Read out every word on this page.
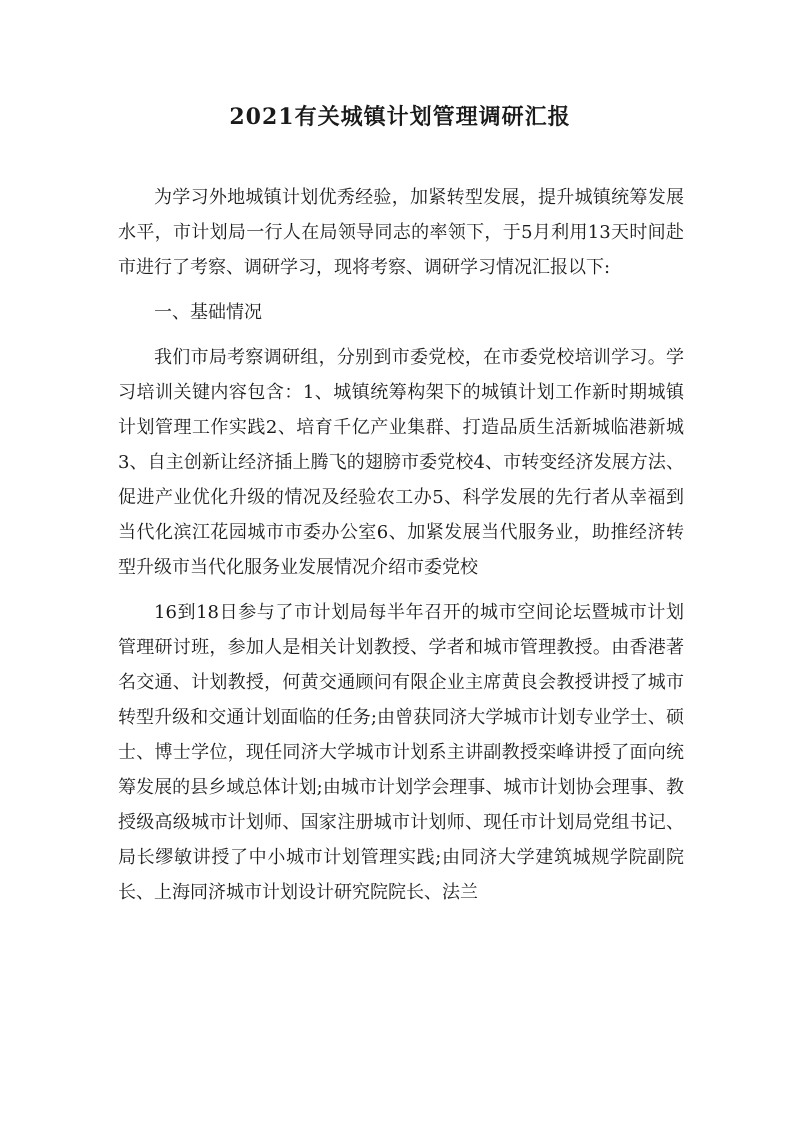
2021有关城镇计划管理调研汇报

为学习外地城镇计划优秀经验，加紧转型发展，提升城镇统筹发展水平，市计划局一行人在局领导同志的率领下，于5月利用13天时间赴市进行了考察、调研学习，现将考察、调研学习情况汇报以下:

一、基础情况

我们市局考察调研组，分别到市委党校，在市委党校培训学习。学习培训关键内容包含：1、城镇统筹构架下的城镇计划工作新时期城镇计划管理工作实践2、培育千亿产业集群、打造品质生活新城临港新城3、自主创新让经济插上腾飞的翅膀市委党校4、市转变经济发展方法、促进产业优化升级的情况及经验农工办5、科学发展的先行者从幸福到当代化滨江花园城市市委办公室6、加紧发展当代服务业，助推经济转型升级市当代化服务业发展情况介绍市委党校

16到18日参与了市计划局每半年召开的城市空间论坛暨城市计划管理研讨班，参加人是相关计划教授、学者和城市管理教授。由香港著名交通、计划教授，何黄交通顾问有限企业主席黄良会教授讲授了城市转型升级和交通计划面临的任务;由曾获同济大学城市计划专业学士、硕士、博士学位，现任同济大学城市计划系主讲副教授栾峰讲授了面向统筹发展的县乡域总体计划;由城市计划学会理事、城市计划协会理事、教授级高级城市计划师、国家注册城市计划师、现任市计划局党组书记、局长缪敏讲授了中小城市计划管理实践;由同济大学建筑城规学院副院长、上海同济城市计划设计研究院院长、法兰
